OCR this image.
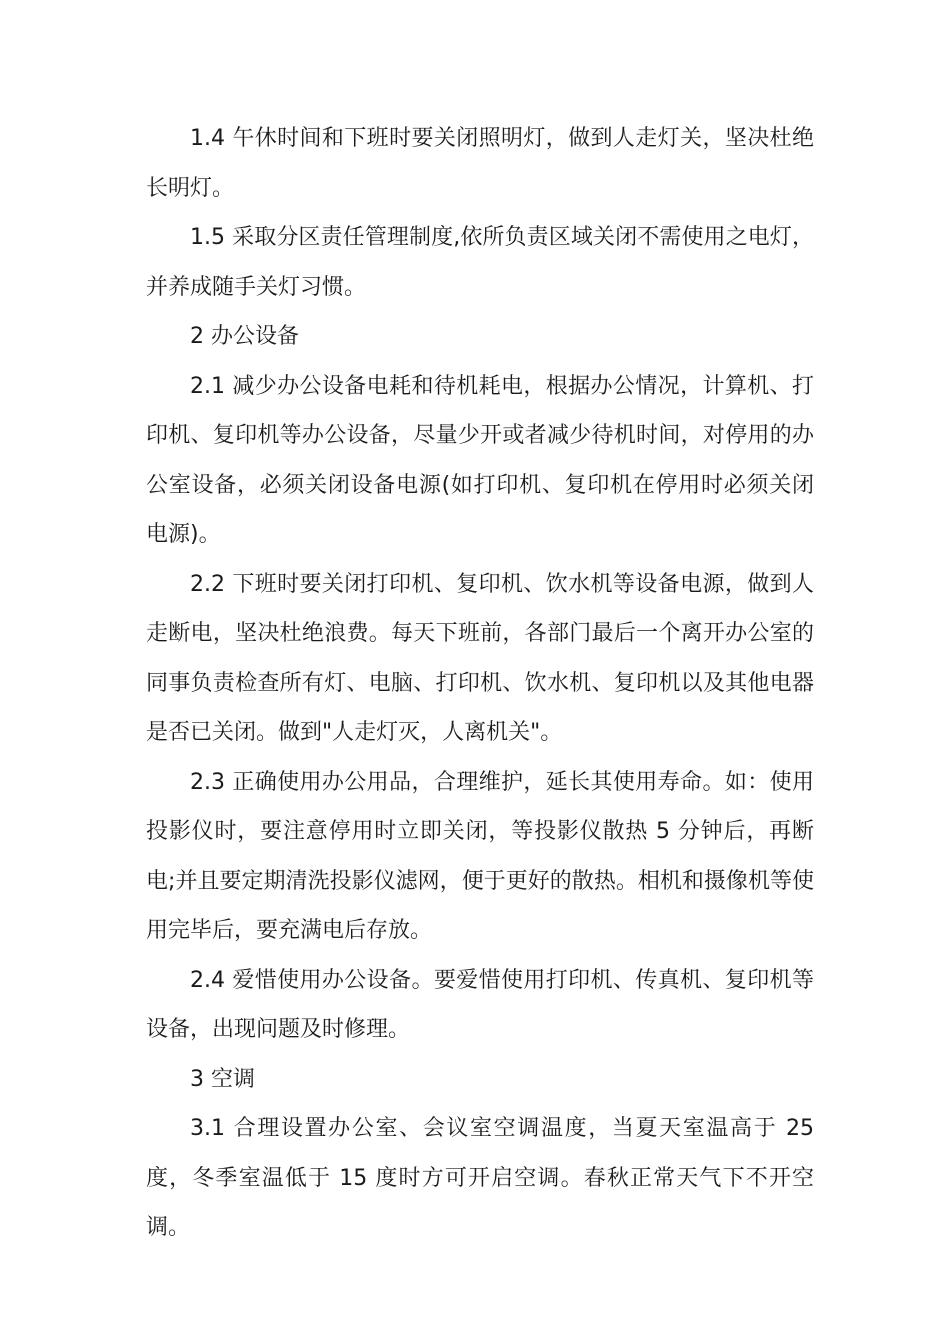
1.4 午休时间和下班时要关闭照明灯，做到人走灯关，坚决杜绝长明灯。

1.5 采取分区责任管理制度,依所负责区域关闭不需使用之电灯，并养成随手关灯习惯。

2 办公设备

2.1 减少办公设备电耗和待机耗电，根据办公情况，计算机、打印机、复印机等办公设备，尽量少开或者减少待机时间，对停用的办公室设备，必须关闭设备电源(如打印机、复印机在停用时必须关闭电源)。

2.2 下班时要关闭打印机、复印机、饮水机等设备电源，做到人走断电，坚决杜绝浪费。每天下班前，各部门最后一个离开办公室的同事负责检查所有灯、电脑、打印机、饮水机、复印机以及其他电器是否已关闭。做到"人走灯灭，人离机关"。

2.3 正确使用办公用品，合理维护，延长其使用寿命。如：使用投影仪时，要注意停用时立即关闭，等投影仪散热 5 分钟后，再断电;并且要定期清洗投影仪滤网，便于更好的散热。相机和摄像机等使用完毕后，要充满电后存放。

2.4 爱惜使用办公设备。要爱惜使用打印机、传真机、复印机等设备，出现问题及时修理。

3 空调

3.1 合理设置办公室、会议室空调温度，当夏天室温高于 25 度，冬季室温低于 15 度时方可开启空调。春秋正常天气下不开空调。
